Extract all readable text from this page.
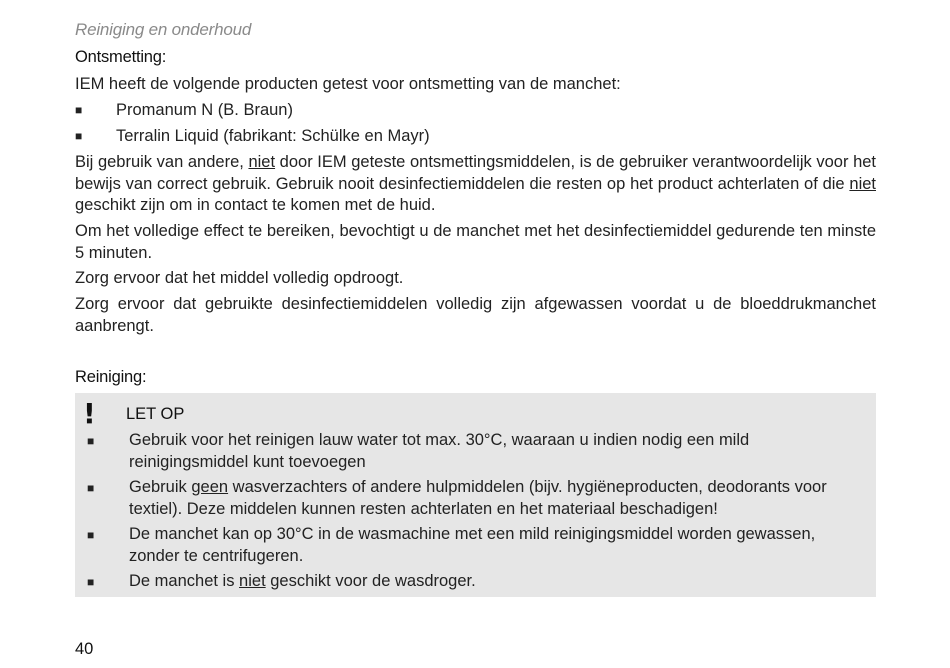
Reiniging en onderhoud
Ontsmetting:
IEM heeft de volgende producten getest voor ontsmetting van de manchet:
■ Promanum N (B. Braun)
■ Terralin Liquid (fabrikant: Schülke en Mayr)
Bij gebruik van andere, niet door IEM geteste ontsmettingsmiddelen, is de gebruiker verantwoordelijk voor het bewijs van correct gebruik. Gebruik nooit desinfectiemiddelen die resten op het product achterlaten of die niet geschikt zijn om in contact te komen met de huid.
Om het volledige effect te bereiken, bevochtigt u de manchet met het desinfectiemiddel gedurende ten minste 5 minuten.
Zorg ervoor dat het middel volledig opdroogt.
Zorg ervoor dat gebruikte desinfectiemiddelen volledig zijn afgewassen voordat u de bloeddrukmanchet aanbrengt.
Reiniging:
! LET OP
■ Gebruik voor het reinigen lauw water tot max. 30°C, waaraan u indien nodig een mild reinigingsmiddel kunt toevoegen
■ Gebruik geen wasverzachters of andere hulpmiddelen (bijv. hygiëneproducten, deodorants voor textiel). Deze middelen kunnen resten achterlaten en het materiaal beschadigen!
■ De manchet kan op 30°C in de wasmachine met een mild reinigingsmiddel worden gewassen, zonder te centrifugeren.
■ De manchet is niet geschikt voor de wasdroger.
40
